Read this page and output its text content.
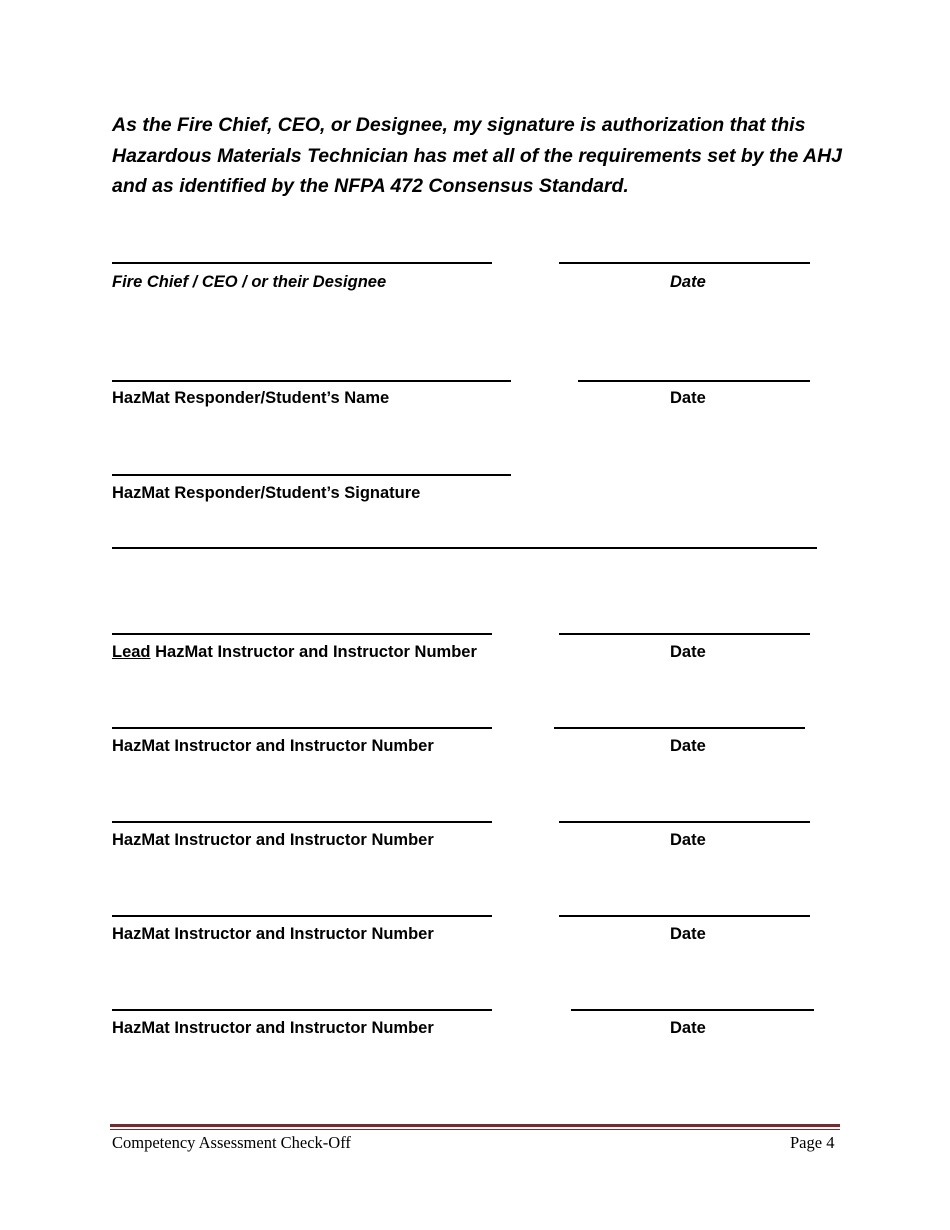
As the Fire Chief, CEO, or Designee, my signature is authorization that this Hazardous Materials Technician has met all of the requirements set by the AHJ and as identified by the NFPA 472 Consensus Standard.

Fire Chief / CEO / or their Designee	Date
HazMat Responder/Student’s Name	Date
HazMat Responder/Student’s Signature
Lead HazMat Instructor and Instructor Number	Date
HazMat Instructor and Instructor Number	Date
HazMat Instructor and Instructor Number	Date
HazMat Instructor and Instructor Number	Date
HazMat Instructor and Instructor Number	Date
Competency Assessment Check-Off	Page 4
